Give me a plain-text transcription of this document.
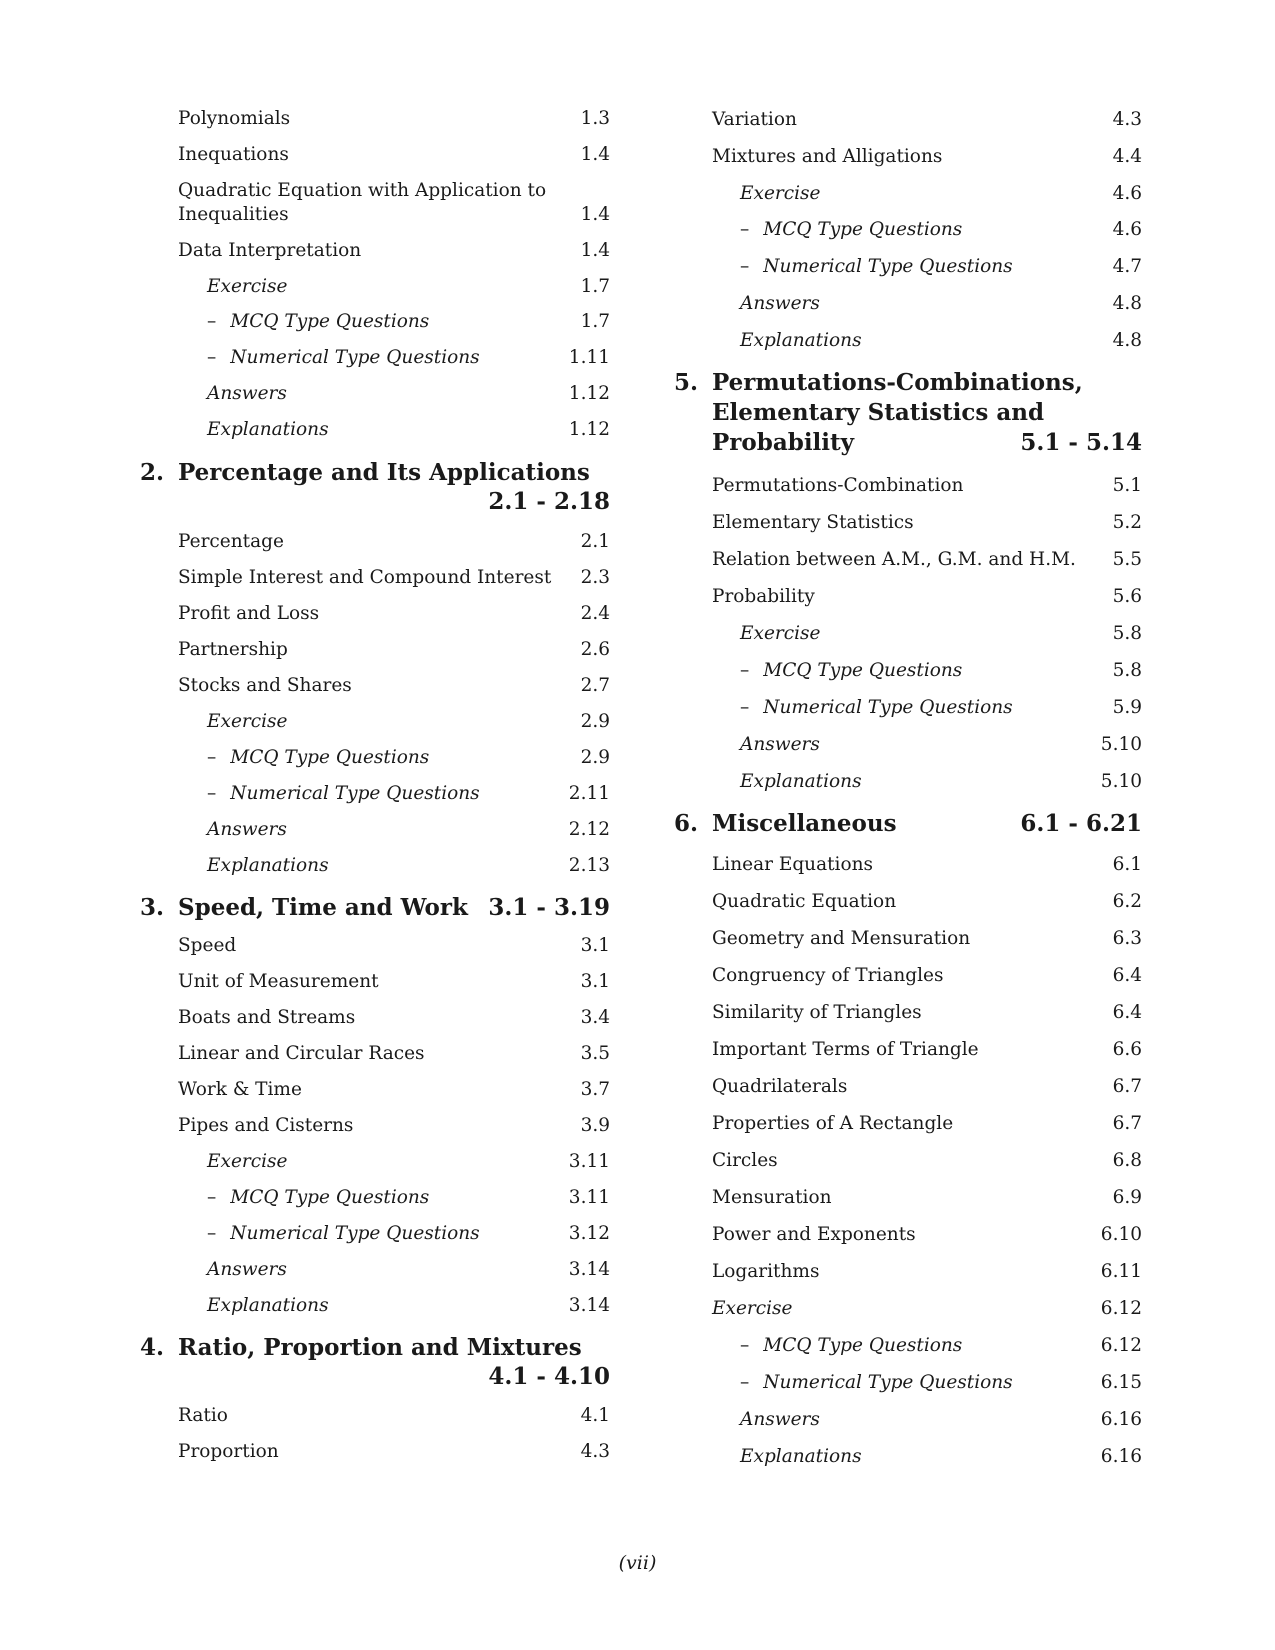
Polynomials	1.3
Inequations	1.4
Quadratic Equation with Application to
Inequalities	1.4
Data Interpretation	1.4
Exercise	1.7
– MCQ Type Questions	1.7
– Numerical Type Questions	1.11
Answers	1.12
Explanations	1.12
2. Percentage and Its Applications
2.1 - 2.18
Percentage	2.1
Simple Interest and Compound Interest 2.3
Profit and Loss	2.4
Partnership	2.6
Stocks and Shares	2.7
Exercise	2.9
– MCQ Type Questions	2.9
– Numerical Type Questions	2.11
Answers	2.12
Explanations	2.13
3. Speed, Time and Work 3.1 - 3.19
Speed	3.1
Unit of Measurement	3.1
Boats and Streams	3.4
Linear and Circular Races	3.5
Work & Time	3.7
Pipes and Cisterns	3.9
Exercise	3.11
– MCQ Type Questions	3.11
– Numerical Type Questions	3.12
Answers	3.14
Explanations	3.14
4. Ratio, Proportion and Mixtures
4.1 - 4.10
Ratio	4.1
Proportion	4.3
Variation	4.3
Mixtures and Alligations	4.4
Exercise	4.6
– MCQ Type Questions	4.6
– Numerical Type Questions	4.7
Answers	4.8
Explanations	4.8
5. Permutations-Combinations,
Elementary Statistics and
Probability	5.1 - 5.14
Permutations-Combination	5.1
Elementary Statistics	5.2
Relation between A.M., G.M. and H.M. 5.5
Probability	5.6
Exercise	5.8
– MCQ Type Questions	5.8
– Numerical Type Questions	5.9
Answers	5.10
Explanations	5.10
6. Miscellaneous	6.1 - 6.21
Linear Equations	6.1
Quadratic Equation	6.2
Geometry and Mensuration	6.3
Congruency of Triangles	6.4
Similarity of Triangles	6.4
Important Terms of Triangle	6.6
Quadrilaterals	6.7
Properties of A Rectangle	6.7
Circles	6.8
Mensuration	6.9
Power and Exponents	6.10
Logarithms	6.11
Exercise	6.12
– MCQ Type Questions	6.12
– Numerical Type Questions	6.15
Answers	6.16
Explanations	6.16
(vii)
